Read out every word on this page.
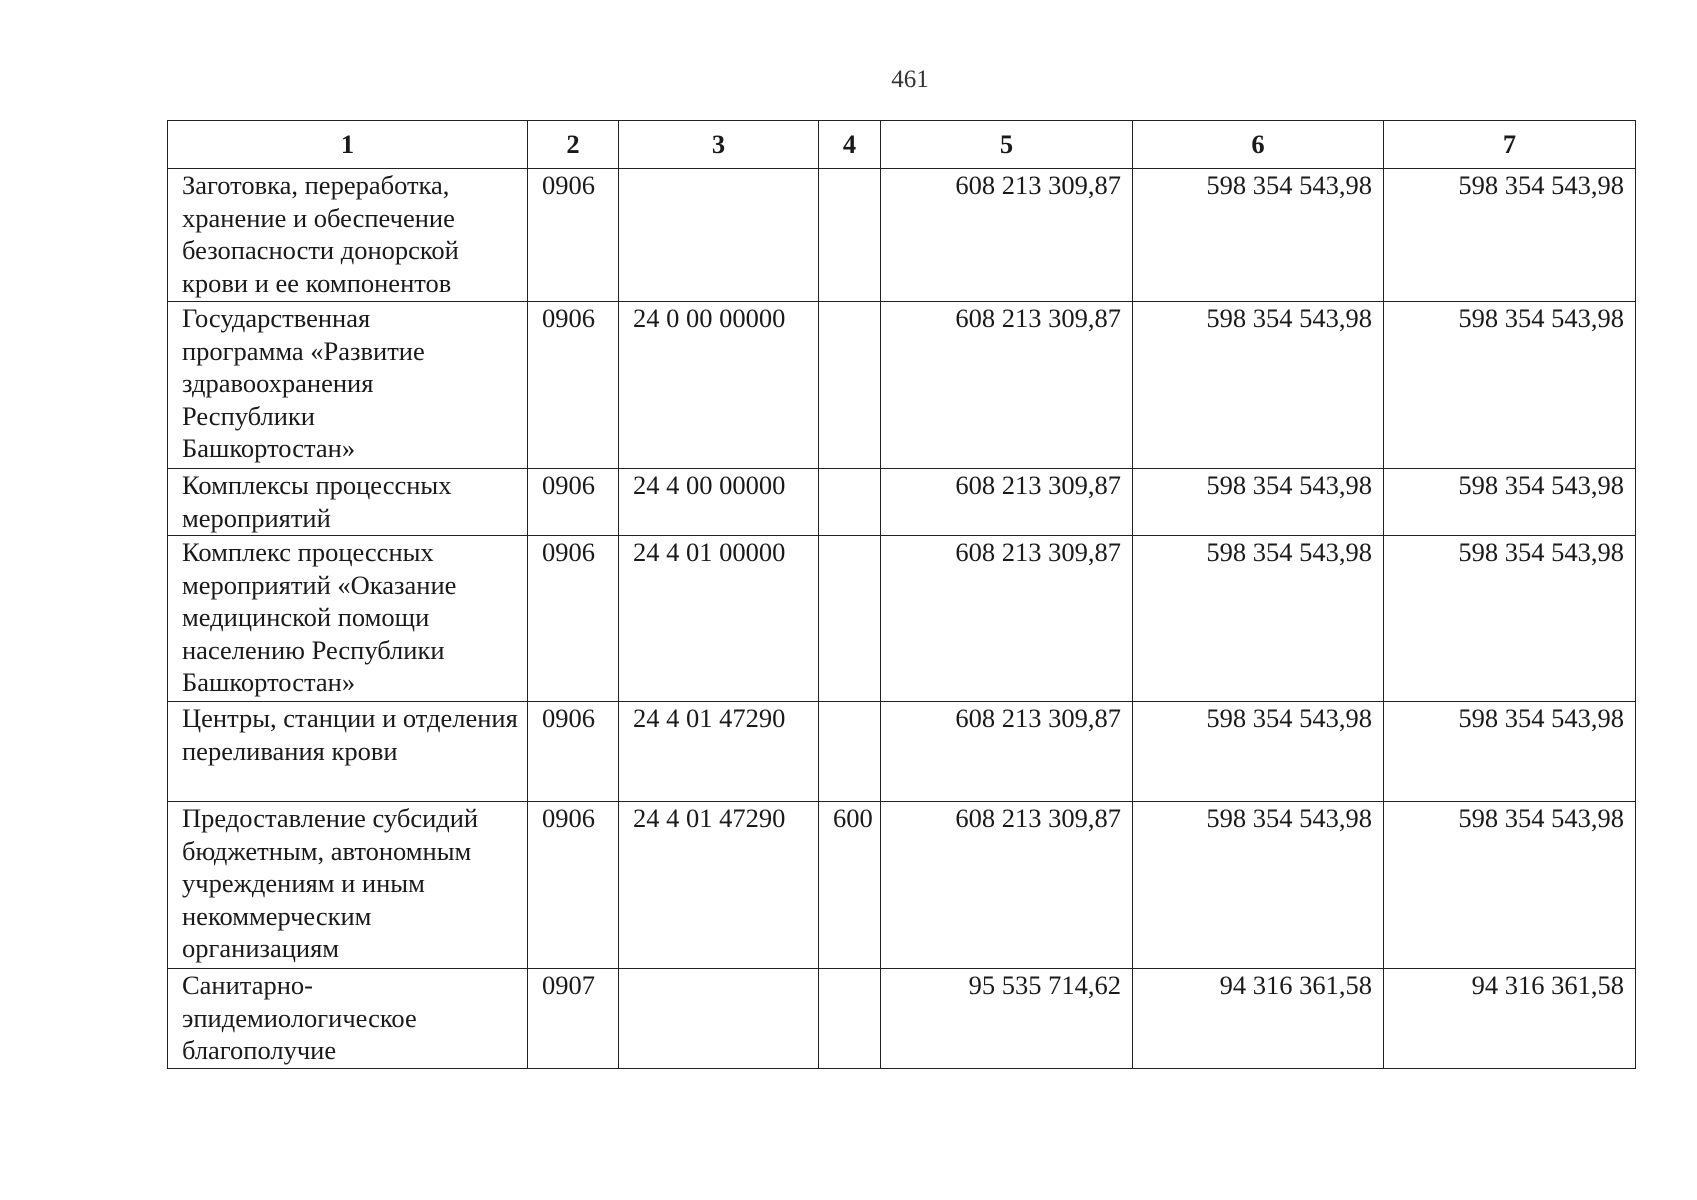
461
1	2	3	4	5	6	7
Заготовка, переработка, хранение и обеспечение безопасности донорской крови и ее компонентов	0906			608 213 309,87	598 354 543,98	598 354 543,98
Государственная программа «Развитие здравоохранения Республики Башкортостан»	0906	24 0 00 00000		608 213 309,87	598 354 543,98	598 354 543,98
Комплексы процессных мероприятий	0906	24 4 00 00000		608 213 309,87	598 354 543,98	598 354 543,98
Комплекс процессных мероприятий «Оказание медицинской помощи населению Республики Башкортостан»	0906	24 4 01 00000		608 213 309,87	598 354 543,98	598 354 543,98
Центры, станции и отделения переливания крови	0906	24 4 01 47290		608 213 309,87	598 354 543,98	598 354 543,98
Предоставление субсидий бюджетным, автономным учреждениям и иным некоммерческим организациям	0906	24 4 01 47290	600	608 213 309,87	598 354 543,98	598 354 543,98
Санитарно-эпидемиологическое благополучие	0907			95 535 714,62	94 316 361,58	94 316 361,58
